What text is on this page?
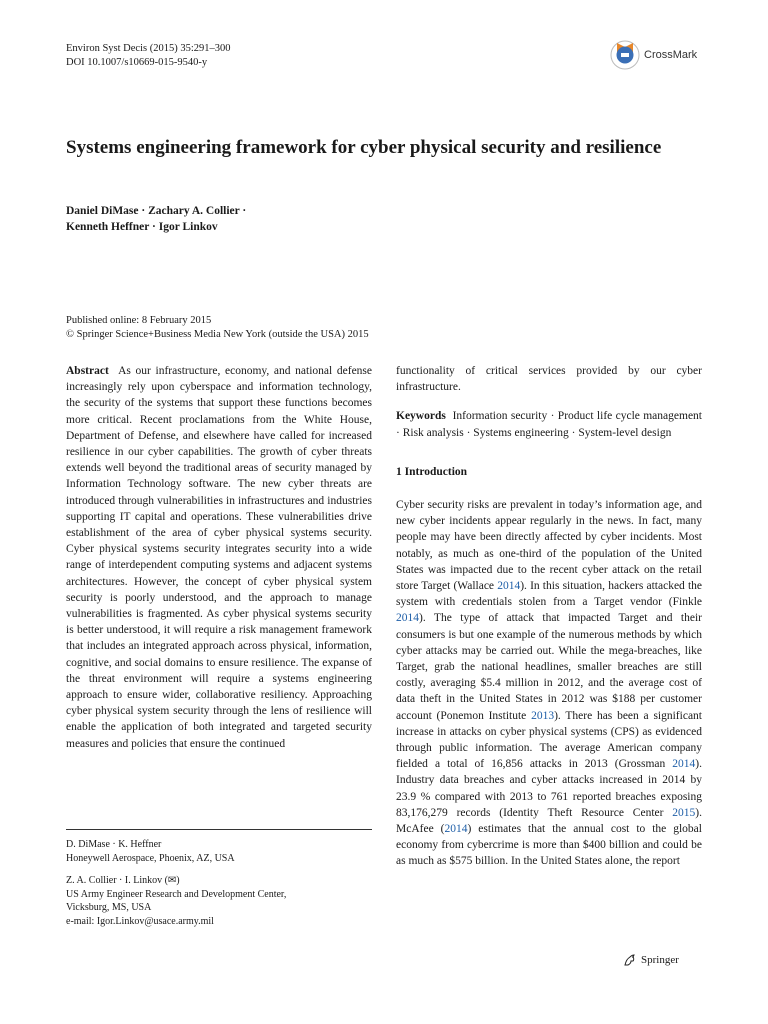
Environ Syst Decis (2015) 35:291–300
DOI 10.1007/s10669-015-9540-y
CrossMark
Systems engineering framework for cyber physical security and resilience
Daniel DiMase · Zachary A. Collier ·
Kenneth Heffner · Igor Linkov
Published online: 8 February 2015
© Springer Science+Business Media New York (outside the USA) 2015
Abstract As our infrastructure, economy, and national defense increasingly rely upon cyberspace and information technology, the security of the systems that support these functions becomes more critical. Recent proclamations from the White House, Department of Defense, and elsewhere have called for increased resilience in our cyber capabilities. The growth of cyber threats extends well beyond the traditional areas of security managed by Information Technology software. The new cyber threats are introduced through vulnerabilities in infrastructures and industries supporting IT capital and operations. These vulnerabilities drive establishment of the area of cyber physical systems security. Cyber physical systems security integrates security into a wide range of interdependent computing systems and adjacent systems architectures. However, the concept of cyber physical system security is poorly understood, and the approach to manage vulnerabilities is fragmented. As cyber physical systems security is better understood, it will require a risk management framework that includes an integrated approach across physical, information, cognitive, and social domains to ensure resilience. The expanse of the threat environment will require a systems engineering approach to ensure wider, collaborative resiliency. Approaching cyber physical system security through the lens of resilience will enable the application of both integrated and targeted security measures and policies that ensure the continued
functionality of critical services provided by our cyber infrastructure.
Keywords Information security · Product life cycle management · Risk analysis · Systems engineering · System-level design
1 Introduction
Cyber security risks are prevalent in today’s information age, and new cyber incidents appear regularly in the news. In fact, many people may have been directly affected by cyber incidents. Most notably, as much as one-third of the population of the United States was impacted due to the recent cyber attack on the retail store Target (Wallace 2014). In this situation, hackers attacked the system with credentials stolen from a Target vendor (Finkle 2014). The type of attack that impacted Target and their consumers is but one example of the numerous methods by which cyber attacks may be carried out. While the mega-breaches, like Target, grab the national headlines, smaller breaches are still costly, averaging $5.4 million in 2012, and the average cost of data theft in the United States in 2012 was $188 per customer account (Ponemon Institute 2013). There has been a significant increase in attacks on cyber physical systems (CPS) as evidenced through public information. The average American company fielded a total of 16,856 attacks in 2013 (Grossman 2014). Industry data breaches and cyber attacks increased in 2014 by 23.9 % compared with 2013 to 761 reported breaches exposing 83,176,279 records (Identity Theft Resource Center 2015). McAfee (2014) estimates that the annual cost to the global economy from cybercrime is more than $400 billion and could be as much as $575 billion. In the United States alone, the report
D. DiMase · K. Heffner
Honeywell Aerospace, Phoenix, AZ, USA
Z. A. Collier · I. Linkov (✉)
US Army Engineer Research and Development Center,
Vicksburg, MS, USA
e-mail: Igor.Linkov@usace.army.mil
Springer
